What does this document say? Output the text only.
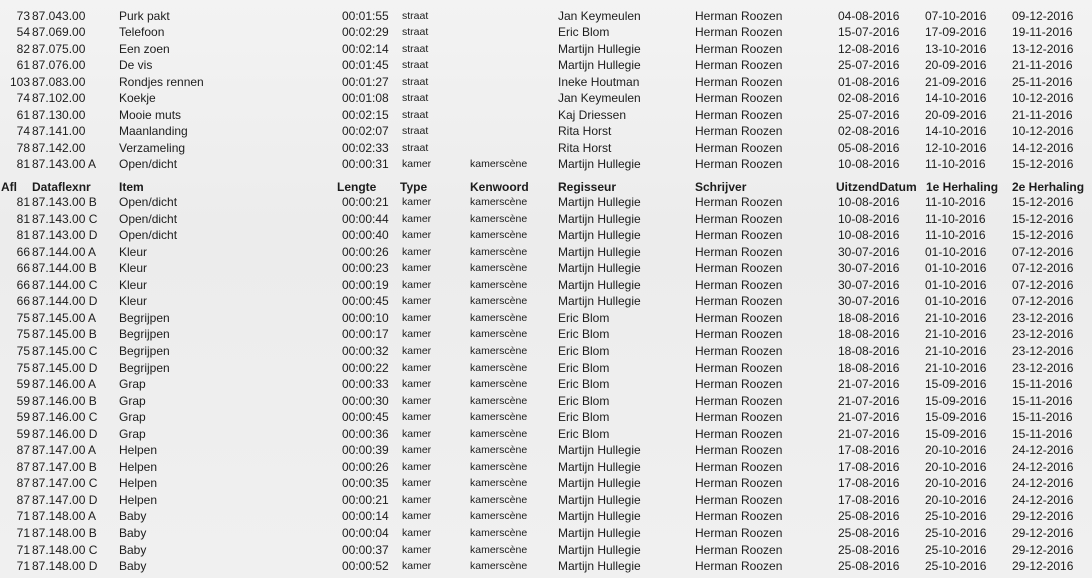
73 87.043.00	Purk pakt	00:01:55 straat	Jan Keymeulen	Herman Roozen	04-08-2016 07-10-2016 09-12-2016
54 87.069.00	Telefoon	00:02:29 straat	Eric Blom	Herman Roozen	15-07-2016 17-09-2016 19-11-2016
82 87.075.00	Een zoen	00:02:14 straat	Martijn Hullegie	Herman Roozen	12-08-2016 13-10-2016 13-12-2016
61 87.076.00	De vis	00:01:45 straat	Martijn Hullegie	Herman Roozen	25-07-2016 20-09-2016 21-11-2016
103 87.083.00	Rondjes rennen	00:01:27 straat	Ineke Houtman	Herman Roozen	01-08-2016 21-09-2016 25-11-2016
74 87.102.00	Koekje	00:01:08 straat	Jan Keymeulen	Herman Roozen	02-08-2016 14-10-2016 10-12-2016
61 87.130.00	Mooie muts	00:02:15 straat	Kaj Driessen	Herman Roozen	25-07-2016 20-09-2016 21-11-2016
74 87.141.00	Maanlanding	00:02:07 straat	Rita Horst	Herman Roozen	02-08-2016 14-10-2016 10-12-2016
78 87.142.00	Verzameling	00:02:33 straat	Rita Horst	Herman Roozen	05-08-2016 12-10-2016 14-12-2016
81 87.143.00 A Open/dicht	00:00:31 kamer	kamerscène	Martijn Hullegie	Herman Roozen	10-08-2016 11-10-2016 15-12-2016
Afl	Dataflexnr Item	Lengte Type	Kenwoord Regisseur	Schrijver	UitzendDatum 1e Herhaling 2e Herhaling
81 87.143.00 B Open/dicht	00:00:21 kamer	kamerscène	Martijn Hullegie	Herman Roozen	10-08-2016 11-10-2016 15-12-2016
81 87.143.00 C Open/dicht	00:00:44 kamer	kamerscène	Martijn Hullegie	Herman Roozen	10-08-2016 11-10-2016 15-12-2016
81 87.143.00 D Open/dicht	00:00:40 kamer	kamerscène	Martijn Hullegie	Herman Roozen	10-08-2016 11-10-2016 15-12-2016
66 87.144.00 A Kleur	00:00:26 kamer	kamerscène	Martijn Hullegie	Herman Roozen	30-07-2016 01-10-2016 07-12-2016
66 87.144.00 B Kleur	00:00:23 kamer	kamerscène	Martijn Hullegie	Herman Roozen	30-07-2016 01-10-2016 07-12-2016
66 87.144.00 C Kleur	00:00:19 kamer	kamerscène	Martijn Hullegie	Herman Roozen	30-07-2016 01-10-2016 07-12-2016
66 87.144.00 D Kleur	00:00:45 kamer	kamerscène	Martijn Hullegie	Herman Roozen	30-07-2016 01-10-2016 07-12-2016
75 87.145.00 A Begrijpen	00:00:10 kamer	kamerscène	Eric Blom	Herman Roozen	18-08-2016 21-10-2016 23-12-2016
75 87.145.00 B Begrijpen	00:00:17 kamer	kamerscène	Eric Blom	Herman Roozen	18-08-2016 21-10-2016 23-12-2016
75 87.145.00 C Begrijpen	00:00:32 kamer	kamerscène	Eric Blom	Herman Roozen	18-08-2016 21-10-2016 23-12-2016
75 87.145.00 D Begrijpen	00:00:22 kamer	kamerscène	Eric Blom	Herman Roozen	18-08-2016 21-10-2016 23-12-2016
59 87.146.00 A Grap	00:00:33 kamer	kamerscène	Eric Blom	Herman Roozen	21-07-2016 15-09-2016 15-11-2016
59 87.146.00 B Grap	00:00:30 kamer	kamerscène	Eric Blom	Herman Roozen	21-07-2016 15-09-2016 15-11-2016
59 87.146.00 C Grap	00:00:45 kamer	kamerscène	Eric Blom	Herman Roozen	21-07-2016 15-09-2016 15-11-2016
59 87.146.00 D Grap	00:00:36 kamer	kamerscène	Eric Blom	Herman Roozen	21-07-2016 15-09-2016 15-11-2016
87 87.147.00 A Helpen	00:00:39 kamer	kamerscène	Martijn Hullegie	Herman Roozen	17-08-2016 20-10-2016 24-12-2016
87 87.147.00 B Helpen	00:00:26 kamer	kamerscène	Martijn Hullegie	Herman Roozen	17-08-2016 20-10-2016 24-12-2016
87 87.147.00 C Helpen	00:00:35 kamer	kamerscène	Martijn Hullegie	Herman Roozen	17-08-2016 20-10-2016 24-12-2016
87 87.147.00 D Helpen	00:00:21 kamer	kamerscène	Martijn Hullegie	Herman Roozen	17-08-2016 20-10-2016 24-12-2016
71 87.148.00 A Baby	00:00:14 kamer	kamerscène	Martijn Hullegie	Herman Roozen	25-08-2016 25-10-2016 29-12-2016
71 87.148.00 B Baby	00:00:04 kamer	kamerscène	Martijn Hullegie	Herman Roozen	25-08-2016 25-10-2016 29-12-2016
71 87.148.00 C Baby	00:00:37 kamer	kamerscène	Martijn Hullegie	Herman Roozen	25-08-2016 25-10-2016 29-12-2016
71 87.148.00 D Baby	00:00:52 kamer	kamerscène	Martijn Hullegie	Herman Roozen	25-08-2016 25-10-2016 29-12-2016
